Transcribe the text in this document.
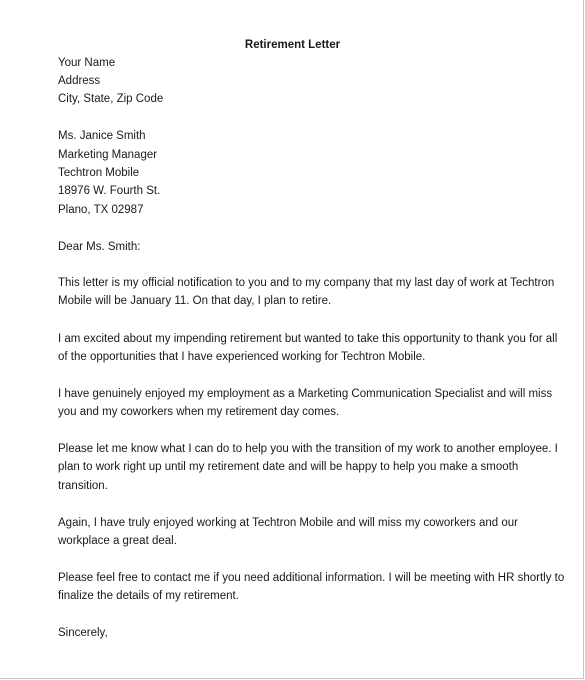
Retirement Letter
Your Name
Address
City, State, Zip Code
Ms. Janice Smith
Marketing Manager
Techtron Mobile
18976 W. Fourth St.
Plano, TX 02987
Dear Ms. Smith:
This letter is my official notification to you and to my company that my last day of work at Techtron
Mobile will be January 11. On that day, I plan to retire.
I am excited about my impending retirement but wanted to take this opportunity to thank you for all
of the opportunities that I have experienced working for Techtron Mobile.
I have genuinely enjoyed my employment as a Marketing Communication Specialist and will miss
you and my coworkers when my retirement day comes.
Please let me know what I can do to help you with the transition of my work to another employee. I
plan to work right up until my retirement date and will be happy to help you make a smooth
transition.
Again, I have truly enjoyed working at Techtron Mobile and will miss my coworkers and our
workplace a great deal.
Please feel free to contact me if you need additional information. I will be meeting with HR shortly to
finalize the details of my retirement.
Sincerely,
